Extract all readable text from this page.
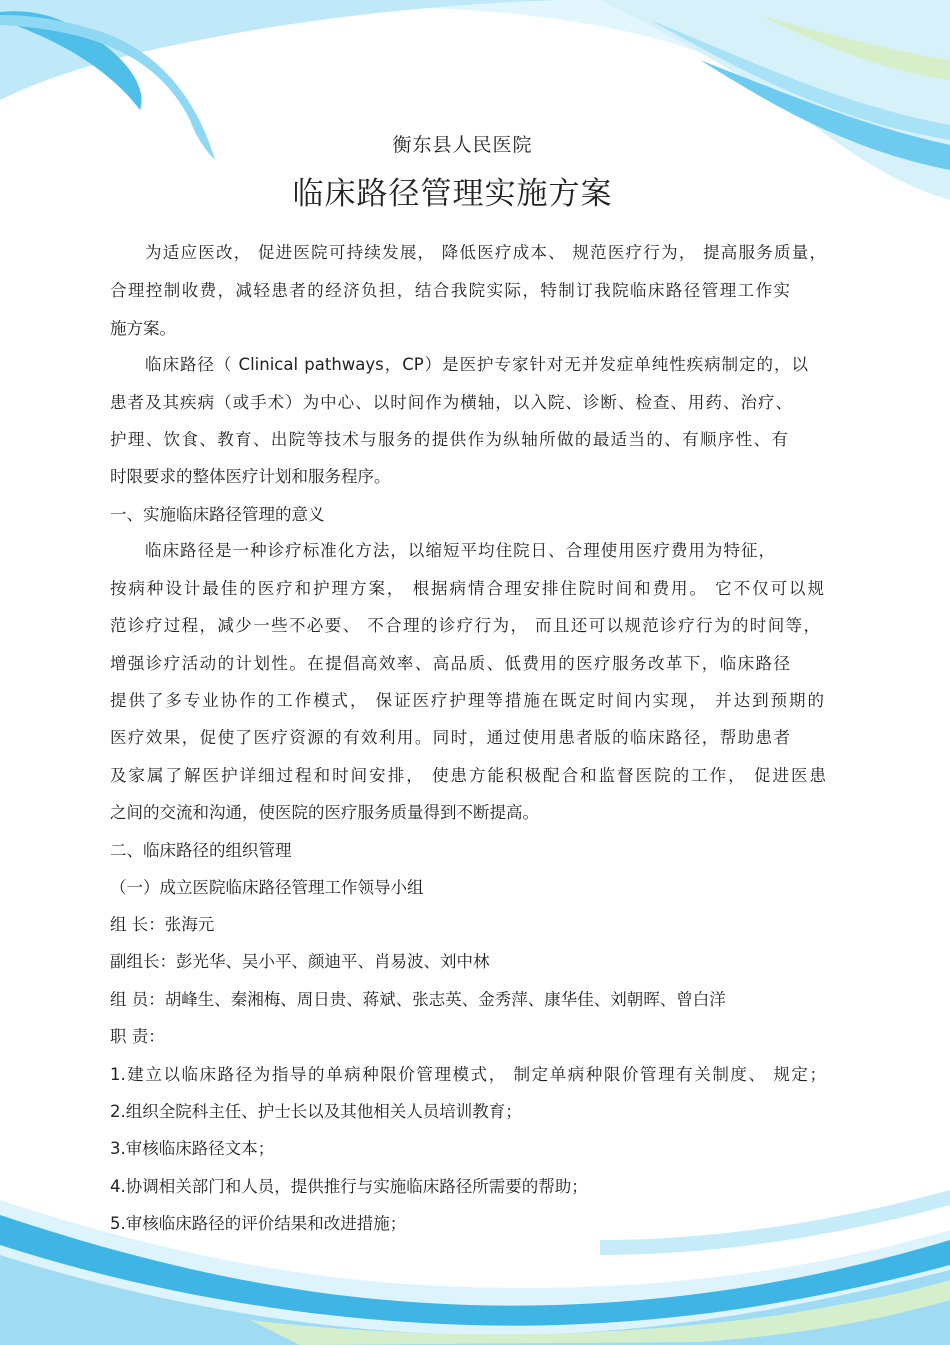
衡东县人民医院
临床路径管理实施方案
为适应医改， 促进医院可持续发展， 降低医疗成本、 规范医疗行为， 提高服务质量，
合理控制收费，减轻患者的经济负担，结合我院实际，特制订我院临床路径管理工作实
施方案。
临床路径（ Clinical pathways，CP）是医护专家针对无并发症单纯性疾病制定的，以
患者及其疾病（或手术）为中心、以时间作为横轴，以入院、诊断、检查、用药、治疗、
护理、饮食、教育、出院等技术与服务的提供作为纵轴所做的最适当的、有顺序性、有
时限要求的整体医疗计划和服务程序。
一、实施临床路径管理的意义
临床路径是一种诊疗标准化方法，以缩短平均住院日、合理使用医疗费用为特征，
按病种设计最佳的医疗和护理方案， 根据病情合理安排住院时间和费用。 它不仅可以规
范诊疗过程，减少一些不必要、 不合理的诊疗行为， 而且还可以规范诊疗行为的时间等，
增强诊疗活动的计划性。在提倡高效率、高品质、低费用的医疗服务改革下，临床路径
提供了多专业协作的工作模式， 保证医疗护理等措施在既定时间内实现， 并达到预期的
医疗效果，促使了医疗资源的有效利用。同时，通过使用患者版的临床路径，帮助患者
及家属了解医护详细过程和时间安排， 使患方能积极配合和监督医院的工作， 促进医患
之间的交流和沟通，使医院的医疗服务质量得到不断提高。
二、临床路径的组织管理
（一）成立医院临床路径管理工作领导小组
组 长：张海元
副组长：彭光华、吴小平、颜迪平、肖易波、刘中林
组 员：胡峰生、秦湘梅、周日贵、蒋斌、张志英、金秀萍、康华佳、刘朝晖、曾白洋
职 责：
1.建立以临床路径为指导的单病种限价管理模式， 制定单病种限价管理有关制度、 规定；
2.组织全院科主任、护士长以及其他相关人员培训教育；
3.审核临床路径文本；
4.协调相关部门和人员，提供推行与实施临床路径所需要的帮助；
5.审核临床路径的评价结果和改进措施；
